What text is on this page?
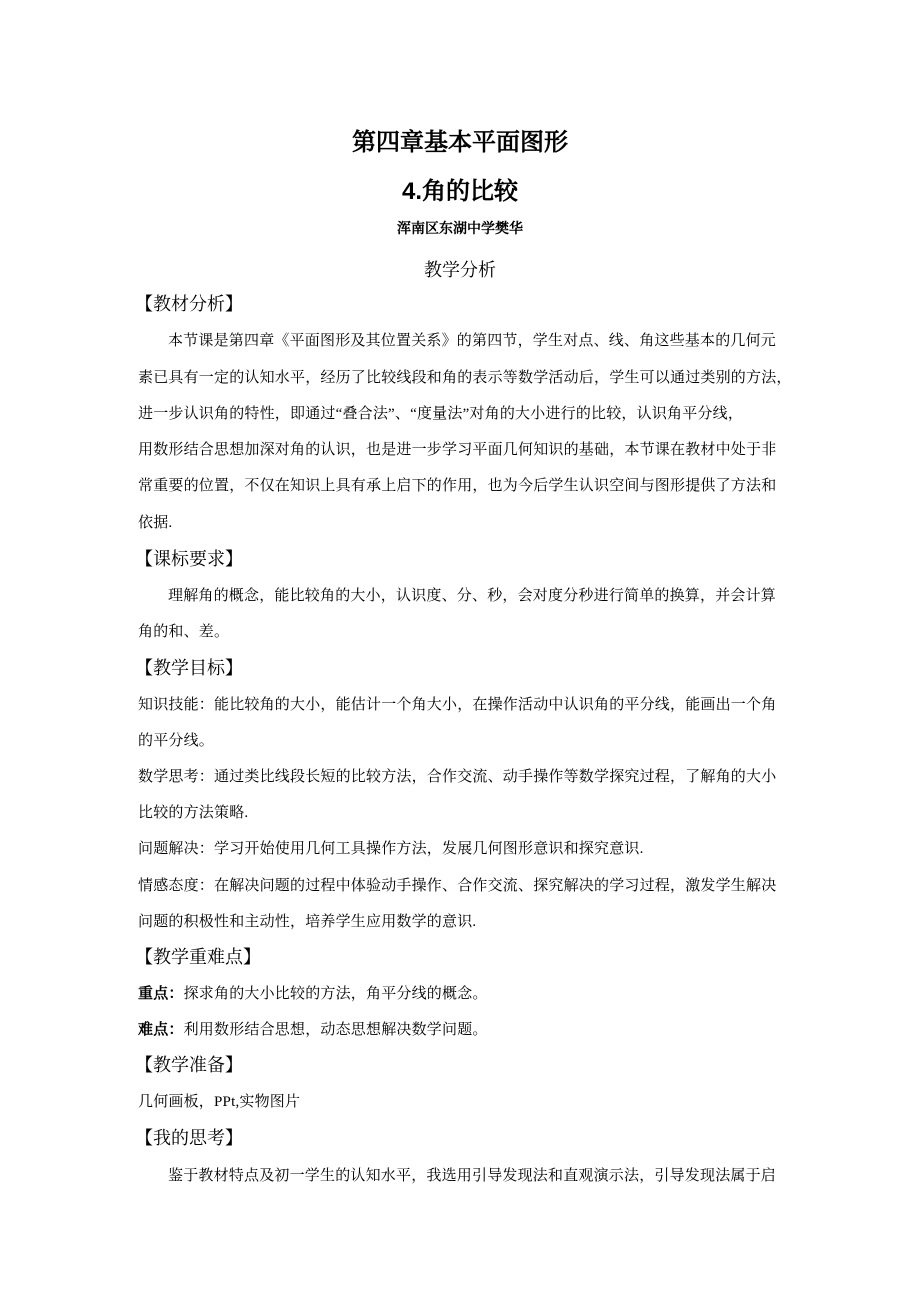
第四章基本平面图形
4.角的比较
浑南区东湖中学樊华
教学分析
【教材分析】
本节课是第四章《平面图形及其位置关系》的第四节，学生对点、线、角这些基本的几何元
素已具有一定的认知水平，经历了比较线段和角的表示等数学活动后，学生可以通过类别的方法，
进一步认识角的特性，即通过“叠合法”、“度量法”对角的大小进行的比较，认识角平分线，
用数形结合思想加深对角的认识，也是进一步学习平面几何知识的基础，本节课在教材中处于非
常重要的位置，不仅在知识上具有承上启下的作用，也为今后学生认识空间与图形提供了方法和
依据.
【课标要求】
理解角的概念，能比较角的大小，认识度、分、秒，会对度分秒进行简单的换算，并会计算
角的和、差。
【教学目标】
知识技能：能比较角的大小，能估计一个角大小，在操作活动中认识角的平分线，能画出一个角
的平分线。
数学思考：通过类比线段长短的比较方法，合作交流、动手操作等数学探究过程，了解角的大小
比较的方法策略.
问题解决：学习开始使用几何工具操作方法，发展几何图形意识和探究意识.
情感态度：在解决问题的过程中体验动手操作、合作交流、探究解决的学习过程，激发学生解决
问题的积极性和主动性，培养学生应用数学的意识.
【教学重难点】
重点：探求角的大小比较的方法，角平分线的概念。
难点：利用数形结合思想，动态思想解决数学问题。
【教学准备】
几何画板，PPt,实物图片
【我的思考】
鉴于教材特点及初一学生的认知水平，我选用引导发现法和直观演示法，引导发现法属于启
